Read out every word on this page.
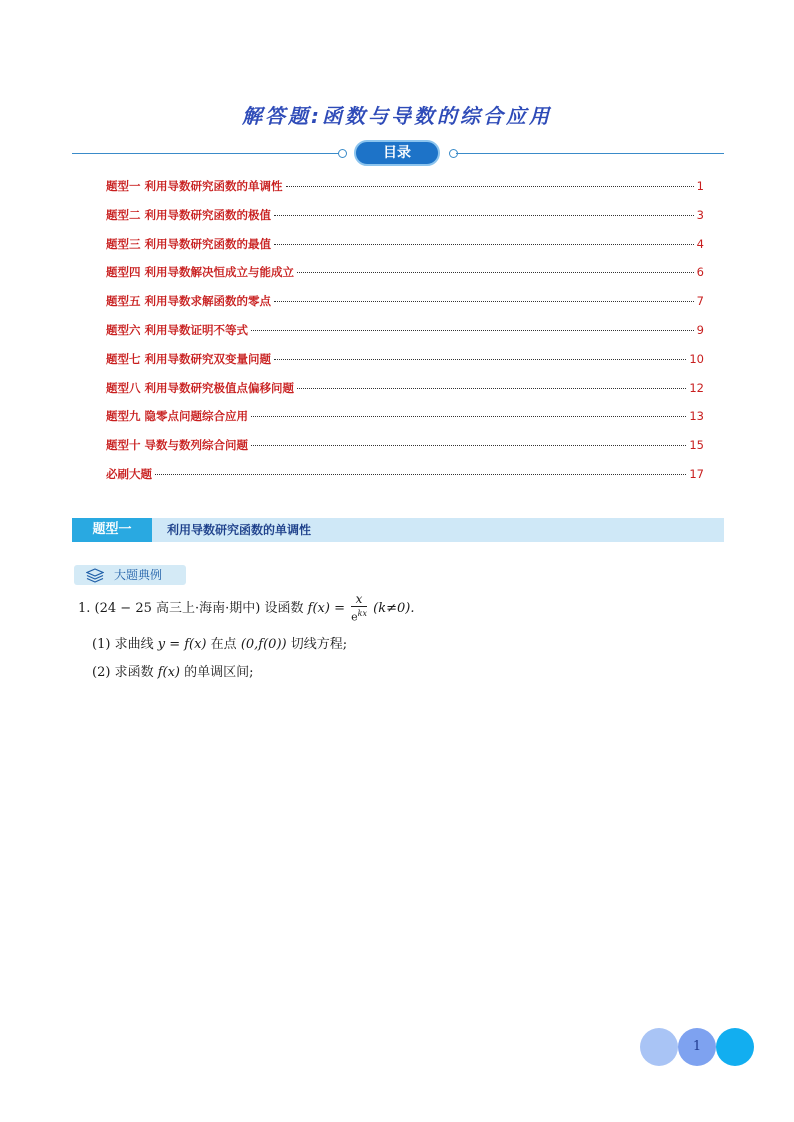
解答题:函数与导数的综合应用
目录
题型一 利用导数研究函数的单调性	1
题型二 利用导数研究函数的极值	3
题型三 利用导数研究函数的最值	4
题型四 利用导数解决恒成立与能成立	6
题型五 利用导数求解函数的零点	7
题型六 利用导数证明不等式	9
题型七 利用导数研究双变量问题	10
题型八 利用导数研究极值点偏移问题	12
题型九 隐零点问题综合应用	13
题型十 导数与数列综合问题	15
必刷大题	17
题型一	利用导数研究函数的单调性
大题典例
1. (24 − 25 高三上·海南·期中) 设函数 $f(x) = \frac{x}{e^{kx}} (k\ne 0)$.
(1) 求曲线 y = f(x) 在点 (0,f(0)) 切线方程;
(2) 求函数 f(x) 的单调区间;
1
